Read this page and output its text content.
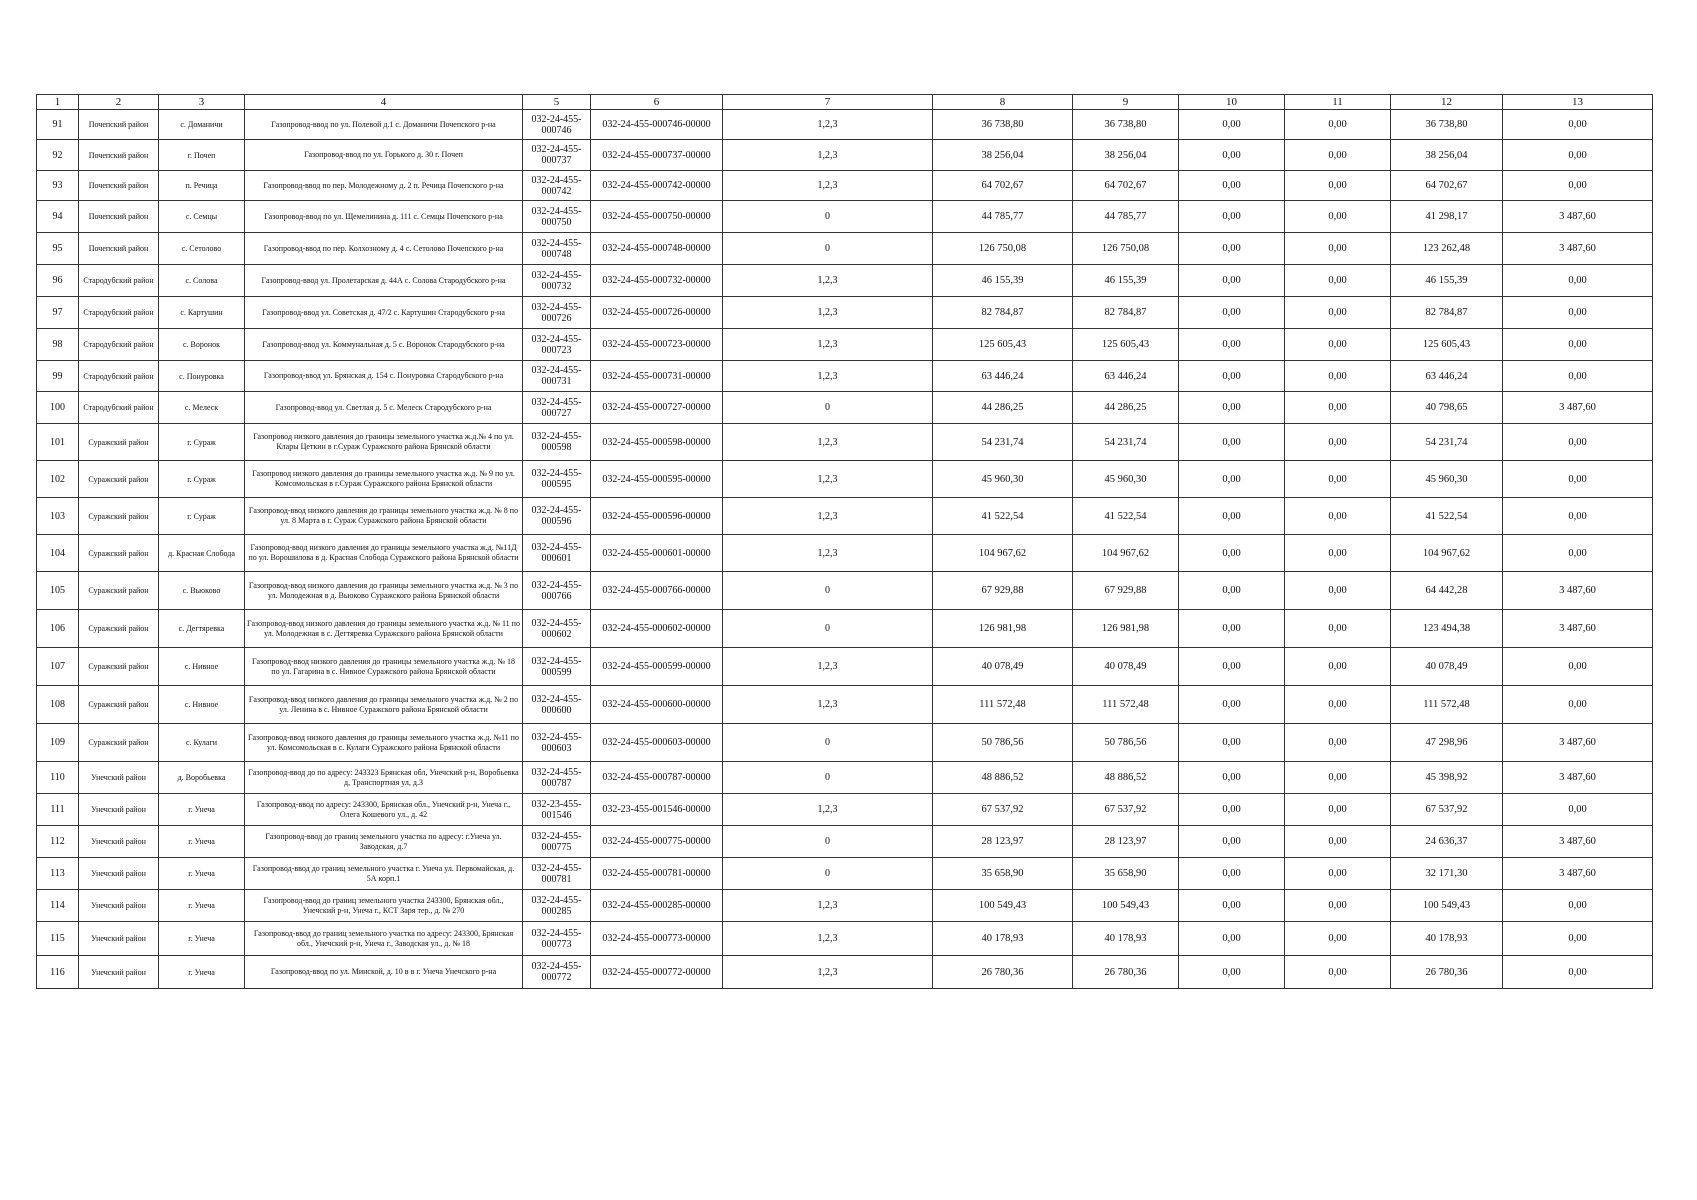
1	2	3	4	5	6	7	8	9	10	11	12	13
91	Почепский район	с. Доманичи	Газопровод-ввод по ул. Полевой д.1 с. Доманичи Почепского р-на	032-24-455-000746	032-24-455-000746-00000	1,2,3	36 738,80	36 738,80	0,00	0,00	36 738,80	0,00
92	Почепский район	г. Почеп	Газопровод-ввод по ул. Горького д. 30 г. Почеп	032-24-455-000737	032-24-455-000737-00000	1,2,3	38 256,04	38 256,04	0,00	0,00	38 256,04	0,00
93	Почепский район	п. Речица	Газопровод-ввод по пер. Молодежному д. 2 п. Речица Почепского р-на	032-24-455-000742	032-24-455-000742-00000	1,2,3	64 702,67	64 702,67	0,00	0,00	64 702,67	0,00
94	Почепский район	с. Семцы	Газопровод-ввод по ул. Щемелинина д. 111 с. Семцы Почепского р-на	032-24-455-000750	032-24-455-000750-00000	0	44 785,77	44 785,77	0,00	0,00	41 298,17	3 487,60
95	Почепский район	с. Сетолово	Газопровод-ввод по пер. Колхозному д. 4 с. Сетолово Почепского р-на	032-24-455-000748	032-24-455-000748-00000	0	126 750,08	126 750,08	0,00	0,00	123 262,48	3 487,60
96	Стародубский район	с. Солова	Газопровод-ввод ул. Пролетарская д. 44А с. Солова Стародубского р-на	032-24-455-000732	032-24-455-000732-00000	1,2,3	46 155,39	46 155,39	0,00	0,00	46 155,39	0,00
97	Стародубский район	с. Картушин	Газопровод-ввод ул. Советская д. 47/2 с. Картушин Стародубского р-на	032-24-455-000726	032-24-455-000726-00000	1,2,3	82 784,87	82 784,87	0,00	0,00	82 784,87	0,00
98	Стародубский район	с. Воронок	Газопровод-ввод ул. Коммунальная д. 5 с. Воронок Стародубского р-на	032-24-455-000723	032-24-455-000723-00000	1,2,3	125 605,43	125 605,43	0,00	0,00	125 605,43	0,00
99	Стародубский район	с. Понуровка	Газопровод-ввод ул. Брянская д. 154 с. Понуровка Стародубского р-на	032-24-455-000731	032-24-455-000731-00000	1,2,3	63 446,24	63 446,24	0,00	0,00	63 446,24	0,00
100	Стародубский район	с. Мелеск	Газопровод-ввод ул. Светлая д. 5 с. Мелеск Стародубского р-на	032-24-455-000727	032-24-455-000727-00000	0	44 286,25	44 286,25	0,00	0,00	40 798,65	3 487,60
101	Суражский район	г. Сураж	Газопровод низкого давления до границы земельного участка ж.д.№ 4 по ул. Клары Цеткин в г.Сураж Суражского района Брянской области	032-24-455-000598	032-24-455-000598-00000	1,2,3	54 231,74	54 231,74	0,00	0,00	54 231,74	0,00
102	Суражский район	г. Сураж	Газопровод низкого давления до границы земельного участка ж.д. № 9 по ул. Комсомольская в г.Сураж Суражского района Брянской области	032-24-455-000595	032-24-455-000595-00000	1,2,3	45 960,30	45 960,30	0,00	0,00	45 960,30	0,00
103	Суражский район	г. Сураж	Газопровод-ввод низкого давления до границы земельного участка ж.д. № 8 по ул. 8 Марта в г. Сураж Суражского района Брянской области	032-24-455-000596	032-24-455-000596-00000	1,2,3	41 522,54	41 522,54	0,00	0,00	41 522,54	0,00
104	Суражский район	д. Красная Слобода	Газопровод-ввод низкого давления до границы земельного участка ж.д. №11Д по ул. Ворошилова в д. Красная Слобода Суражского района Брянской области	032-24-455-000601	032-24-455-000601-00000	1,2,3	104 967,62	104 967,62	0,00	0,00	104 967,62	0,00
105	Суражский район	с. Вьюково	Газопровод-ввод низкого давления до границы земельного участка ж.д. № 3 по ул. Молодежная в д. Вьюково Суражского района Брянской области	032-24-455-000766	032-24-455-000766-00000	0	67 929,88	67 929,88	0,00	0,00	64 442,28	3 487,60
106	Суражский район	с. Дегтяревка	Газопровод-ввод низкого давления до границы земельного участка ж.д. № 11 по ул. Молодежная в с. Дегтяревка Суражского района Брянской области	032-24-455-000602	032-24-455-000602-00000	0	126 981,98	126 981,98	0,00	0,00	123 494,38	3 487,60
107	Суражский район	с. Нивное	Газопровод-ввод низкого давления до границы земельного участка ж.д. № 18 по ул. Гагарина в с. Нивное Суражского района Брянской области	032-24-455-000599	032-24-455-000599-00000	1,2,3	40 078,49	40 078,49	0,00	0,00	40 078,49	0,00
108	Суражский район	с. Нивное	Газопровод-ввод низкого давления до границы земельного участка ж.д. № 2 по ул. Ленина в с. Нивное Суражского района Брянской области	032-24-455-000600	032-24-455-000600-00000	1,2,3	111 572,48	111 572,48	0,00	0,00	111 572,48	0,00
109	Суражский район	с. Кулаги	Газопровод-ввод низкого давления до границы земельного участка ж.д. №11 по ул. Комсомольская в с. Кулаги Суражского района Брянской области	032-24-455-000603	032-24-455-000603-00000	0	50 786,56	50 786,56	0,00	0,00	47 298,96	3 487,60
110	Унечский район	д. Воробьевка	Газопровод-ввод до по адресу: 243323 Брянская обл, Унечский р-н, Воробьевка д, Транспортная ул, д.3	032-24-455-000787	032-24-455-000787-00000	0	48 886,52	48 886,52	0,00	0,00	45 398,92	3 487,60
111	Унечский район	г. Унеча	Газопровод-ввод по адресу: 243300, Брянская обл., Унечский р-н, Унеча г., Олега Кошевого ул., д. 42	032-23-455-001546	032-23-455-001546-00000	1,2,3	67 537,92	67 537,92	0,00	0,00	67 537,92	0,00
112	Унечский район	г. Унеча	Газопровод-ввод до границ земельного участка по адресу: г.Унеча ул. Заводская, д.7	032-24-455-000775	032-24-455-000775-00000	0	28 123,97	28 123,97	0,00	0,00	24 636,37	3 487,60
113	Унечский район	г. Унеча	Газопровод-ввод до границ земельного участка г. Унеча ул. Первомайская, д. 5А корп.1	032-24-455-000781	032-24-455-000781-00000	0	35 658,90	35 658,90	0,00	0,00	32 171,30	3 487,60
114	Унечский район	г. Унеча	Газопровод-ввод до границ земельного участка 243300, Брянская обл., Унечский р-н, Унеча г., КСТ Заря тер., д. № 270	032-24-455-000285	032-24-455-000285-00000	1,2,3	100 549,43	100 549,43	0,00	0,00	100 549,43	0,00
115	Унечский район	г. Унеча	Газопровод-ввод до границ земельного участка по адресу: 243300, Брянская обл., Унечский р-н, Унеча г., Заводская ул., д. № 18	032-24-455-000773	032-24-455-000773-00000	1,2,3	40 178,93	40 178,93	0,00	0,00	40 178,93	0,00
116	Унечский район	г. Унеча	Газопровод-ввод по ул. Минской, д. 10 в в г. Унеча Унечского р-на	032-24-455-000772	032-24-455-000772-00000	1,2,3	26 780,36	26 780,36	0,00	0,00	26 780,36	0,00
